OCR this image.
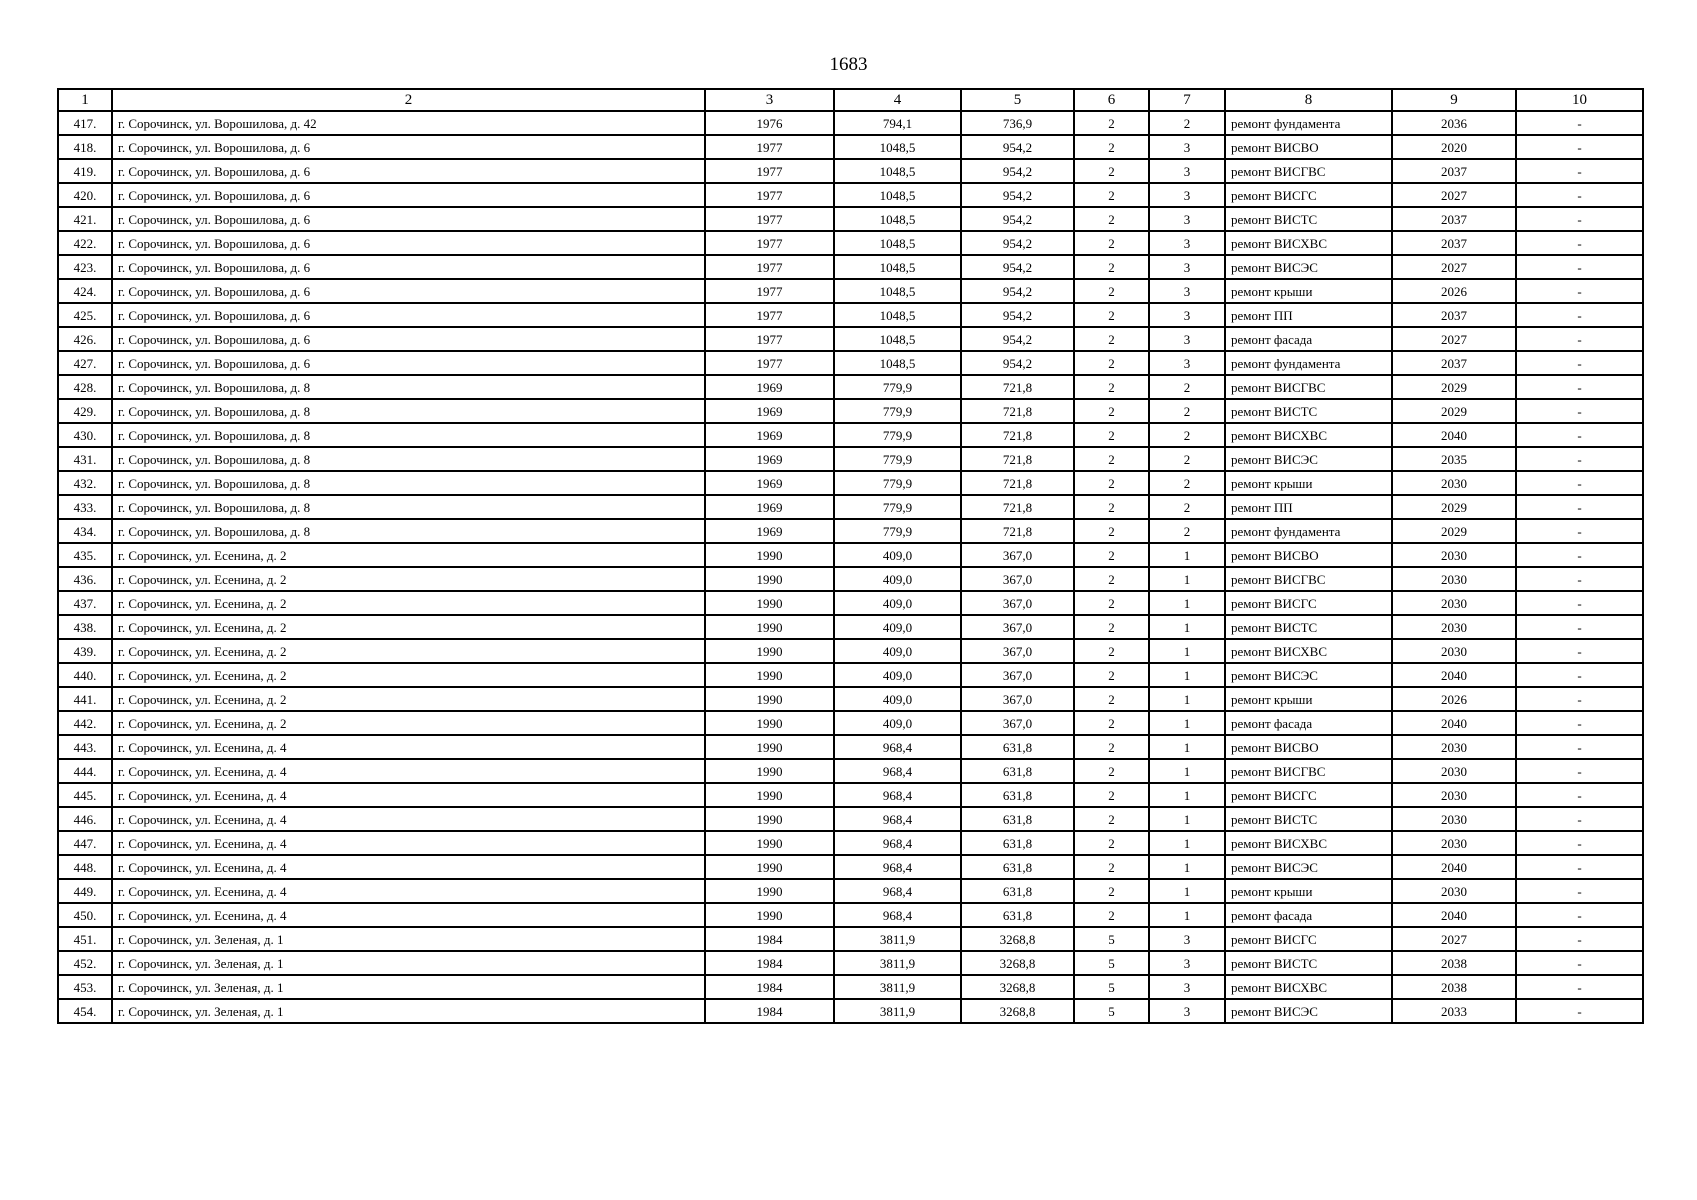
1683
1	2	3	4	5	6	7	8	9	10
417.	г. Сорочинск, ул. Ворошилова, д. 42	1976	794,1	736,9	2	2	ремонт фундамента	2036	-
418.	г. Сорочинск, ул. Ворошилова, д. 6	1977	1048,5	954,2	2	3	ремонт ВИСВО	2020	-
419.	г. Сорочинск, ул. Ворошилова, д. 6	1977	1048,5	954,2	2	3	ремонт ВИСГВС	2037	-
420.	г. Сорочинск, ул. Ворошилова, д. 6	1977	1048,5	954,2	2	3	ремонт ВИСГС	2027	-
421.	г. Сорочинск, ул. Ворошилова, д. 6	1977	1048,5	954,2	2	3	ремонт ВИСТС	2037	-
422.	г. Сорочинск, ул. Ворошилова, д. 6	1977	1048,5	954,2	2	3	ремонт ВИСХВС	2037	-
423.	г. Сорочинск, ул. Ворошилова, д. 6	1977	1048,5	954,2	2	3	ремонт ВИСЭС	2027	-
424.	г. Сорочинск, ул. Ворошилова, д. 6	1977	1048,5	954,2	2	3	ремонт крыши	2026	-
425.	г. Сорочинск, ул. Ворошилова, д. 6	1977	1048,5	954,2	2	3	ремонт ПП	2037	-
426.	г. Сорочинск, ул. Ворошилова, д. 6	1977	1048,5	954,2	2	3	ремонт фасада	2027	-
427.	г. Сорочинск, ул. Ворошилова, д. 6	1977	1048,5	954,2	2	3	ремонт фундамента	2037	-
428.	г. Сорочинск, ул. Ворошилова, д. 8	1969	779,9	721,8	2	2	ремонт ВИСГВС	2029	-
429.	г. Сорочинск, ул. Ворошилова, д. 8	1969	779,9	721,8	2	2	ремонт ВИСТС	2029	-
430.	г. Сорочинск, ул. Ворошилова, д. 8	1969	779,9	721,8	2	2	ремонт ВИСХВС	2040	-
431.	г. Сорочинск, ул. Ворошилова, д. 8	1969	779,9	721,8	2	2	ремонт ВИСЭС	2035	-
432.	г. Сорочинск, ул. Ворошилова, д. 8	1969	779,9	721,8	2	2	ремонт крыши	2030	-
433.	г. Сорочинск, ул. Ворошилова, д. 8	1969	779,9	721,8	2	2	ремонт ПП	2029	-
434.	г. Сорочинск, ул. Ворошилова, д. 8	1969	779,9	721,8	2	2	ремонт фундамента	2029	-
435.	г. Сорочинск, ул. Есенина, д. 2	1990	409,0	367,0	2	1	ремонт ВИСВО	2030	-
436.	г. Сорочинск, ул. Есенина, д. 2	1990	409,0	367,0	2	1	ремонт ВИСГВС	2030	-
437.	г. Сорочинск, ул. Есенина, д. 2	1990	409,0	367,0	2	1	ремонт ВИСГС	2030	-
438.	г. Сорочинск, ул. Есенина, д. 2	1990	409,0	367,0	2	1	ремонт ВИСТС	2030	-
439.	г. Сорочинск, ул. Есенина, д. 2	1990	409,0	367,0	2	1	ремонт ВИСХВС	2030	-
440.	г. Сорочинск, ул. Есенина, д. 2	1990	409,0	367,0	2	1	ремонт ВИСЭС	2040	-
441.	г. Сорочинск, ул. Есенина, д. 2	1990	409,0	367,0	2	1	ремонт крыши	2026	-
442.	г. Сорочинск, ул. Есенина, д. 2	1990	409,0	367,0	2	1	ремонт фасада	2040	-
443.	г. Сорочинск, ул. Есенина, д. 4	1990	968,4	631,8	2	1	ремонт ВИСВО	2030	-
444.	г. Сорочинск, ул. Есенина, д. 4	1990	968,4	631,8	2	1	ремонт ВИСГВС	2030	-
445.	г. Сорочинск, ул. Есенина, д. 4	1990	968,4	631,8	2	1	ремонт ВИСГС	2030	-
446.	г. Сорочинск, ул. Есенина, д. 4	1990	968,4	631,8	2	1	ремонт ВИСТС	2030	-
447.	г. Сорочинск, ул. Есенина, д. 4	1990	968,4	631,8	2	1	ремонт ВИСХВС	2030	-
448.	г. Сорочинск, ул. Есенина, д. 4	1990	968,4	631,8	2	1	ремонт ВИСЭС	2040	-
449.	г. Сорочинск, ул. Есенина, д. 4	1990	968,4	631,8	2	1	ремонт крыши	2030	-
450.	г. Сорочинск, ул. Есенина, д. 4	1990	968,4	631,8	2	1	ремонт фасада	2040	-
451.	г. Сорочинск, ул. Зеленая, д. 1	1984	3811,9	3268,8	5	3	ремонт ВИСГС	2027	-
452.	г. Сорочинск, ул. Зеленая, д. 1	1984	3811,9	3268,8	5	3	ремонт ВИСТС	2038	-
453.	г. Сорочинск, ул. Зеленая, д. 1	1984	3811,9	3268,8	5	3	ремонт ВИСХВС	2038	-
454.	г. Сорочинск, ул. Зеленая, д. 1	1984	3811,9	3268,8	5	3	ремонт ВИСЭС	2033	-
